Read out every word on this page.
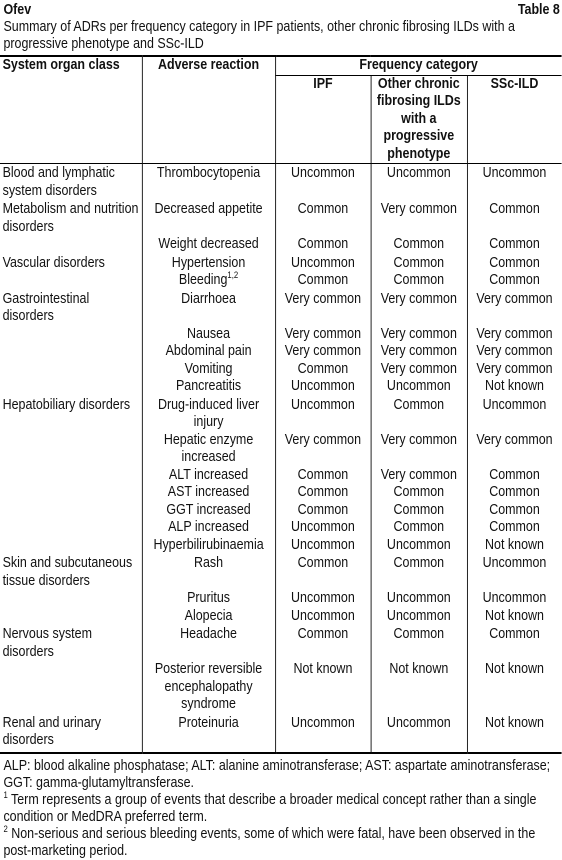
Ofev	Table 8
Summary of ADRs per frequency category in IPF patients, other chronic fibrosing ILDs with a progressive phenotype and SSc-ILD
System organ class	Adverse reaction	Frequency category		
		IPF	Other chronic fibrosing ILDs with a progressive phenotype	SSc-ILD
Blood and lymphatic system disorders	Thrombocytopenia	Uncommon	Uncommon	Uncommon
Metabolism and nutrition disorders	Decreased appetite	Common	Very common	Common
	Weight decreased	Common	Common	Common
Vascular disorders	Hypertension	Uncommon	Common	Common
	Bleeding$^{1,2}$	Common	Common	Common
Gastrointestinal disorders	Diarrhoea	Very common	Very common	Very common
	Nausea	Very common	Very common	Very common
	Abdominal pain	Very common	Very common	Very common
	Vomiting	Common	Very common	Very common
	Pancreatitis	Uncommon	Uncommon	Not known
Hepatobiliary disorders	Drug-induced liver injury	Uncommon	Common	Uncommon
	Hepatic enzyme increased	Very common	Very common	Very common
	ALT increased	Common	Very common	Common
	AST increased	Common	Common	Common
	GGT increased	Common	Common	Common
	ALP increased	Uncommon	Common	Common
	Hyperbilirubinaemia	Uncommon	Uncommon	Not known
Skin and subcutaneous tissue disorders	Rash	Common	Common	Uncommon
	Pruritus	Uncommon	Uncommon	Uncommon
	Alopecia	Uncommon	Uncommon	Not known
Nervous system disorders	Headache	Common	Common	Common
	Posterior reversible encephalopathy syndrome	Not known	Not known	Not known
Renal and urinary disorders	Proteinuria	Uncommon	Uncommon	Not known

ALP: blood alkaline phosphatase; ALT: alanine aminotransferase; AST: aspartate aminotransferase; GGT: gamma-glutamyltransferase.

$^1$ Term represents a group of events that describe a broader medical concept rather than a single condition or MedDRA preferred term.

$^2$ Non-serious and serious bleeding events, some of which were fatal, have been observed in the post-marketing period.
